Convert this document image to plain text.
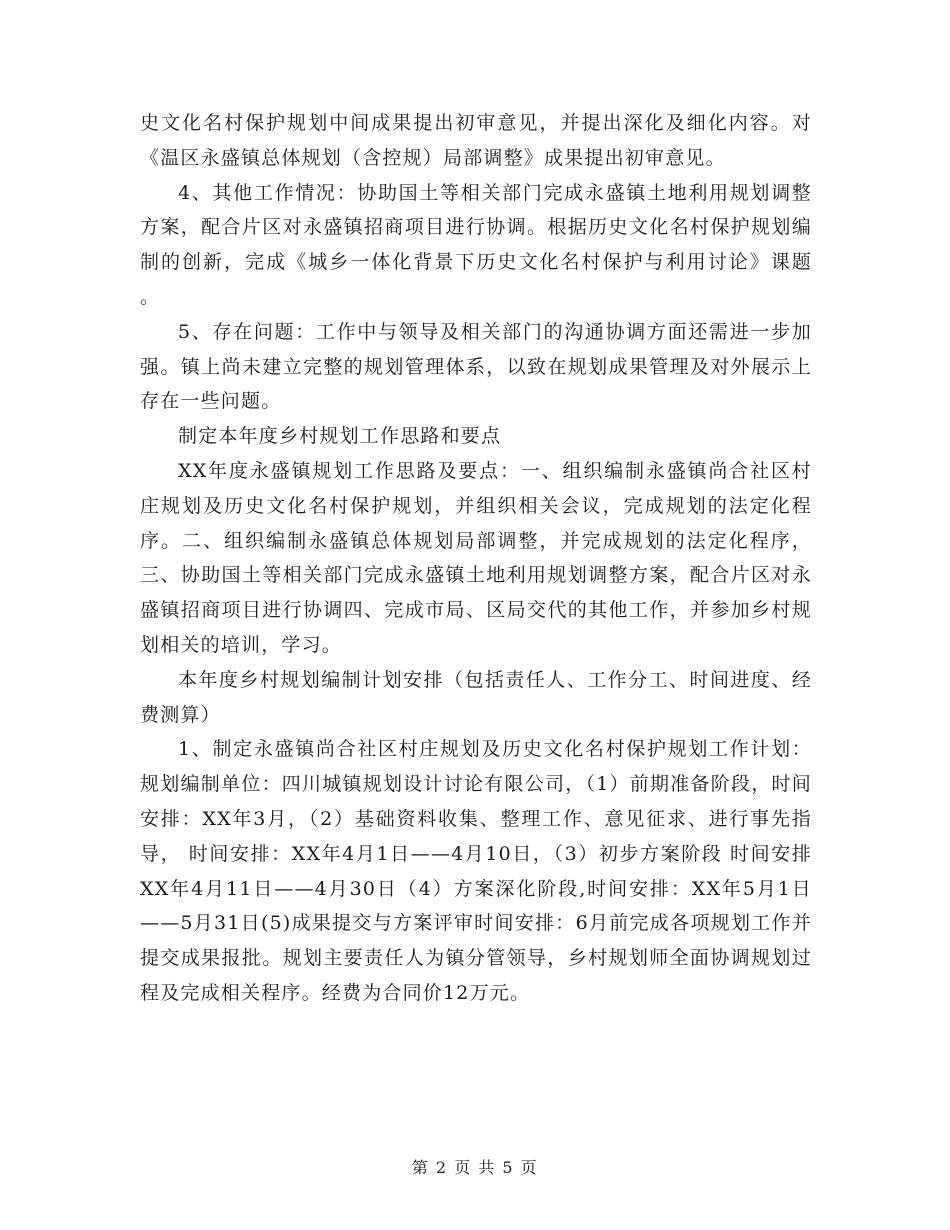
史文化名村保护规划中间成果提出初审意见，并提出深化及细化内容。对《温区永盛镇总体规划（含控规）局部调整》成果提出初审意见。

4、其他工作情况：协助国土等相关部门完成永盛镇土地利用规划调整方案，配合片区对永盛镇招商项目进行协调。根据历史文化名村保护规划编制的创新，完成《城乡一体化背景下历史文化名村保护与利用讨论》课题 。

5、存在问题：工作中与领导及相关部门的沟通协调方面还需进一步加强。镇上尚未建立完整的规划管理体系，以致在规划成果管理及对外展示上存在一些问题。

制定本年度乡村规划工作思路和要点

XX年度永盛镇规划工作思路及要点：一、组织编制永盛镇尚合社区村庄规划及历史文化名村保护规划，并组织相关会议，完成规划的法定化程序。二、组织编制永盛镇总体规划局部调整，并完成规划的法定化程序，三、协助国土等相关部门完成永盛镇土地利用规划调整方案，配合片区对永盛镇招商项目进行协调四、完成市局、区局交代的其他工作，并参加乡村规划相关的培训，学习。

本年度乡村规划编制计划安排（包括责任人、工作分工、时间进度、经费测算）

1、制定永盛镇尚合社区村庄规划及历史文化名村保护规划工作计划：规划编制单位：四川城镇规划设计讨论有限公司，（1）前期准备阶段，时间安排：XX年3月，（2）基础资料收集、整理工作、意见征求、进行事先指导， 时间安排：XX年4月1日——4月10日，（3）初步方案阶段 时间安排XX年4月11日——4月30日（4）方案深化阶段,时间安排：XX年5月1日——5月31日(5)成果提交与方案评审时间安排：6月前完成各项规划工作并提交成果报批。规划主要责任人为镇分管领导，乡村规划师全面协调规划过程及完成相关程序。经费为合同价12万元。

第 2 页 共 5 页
